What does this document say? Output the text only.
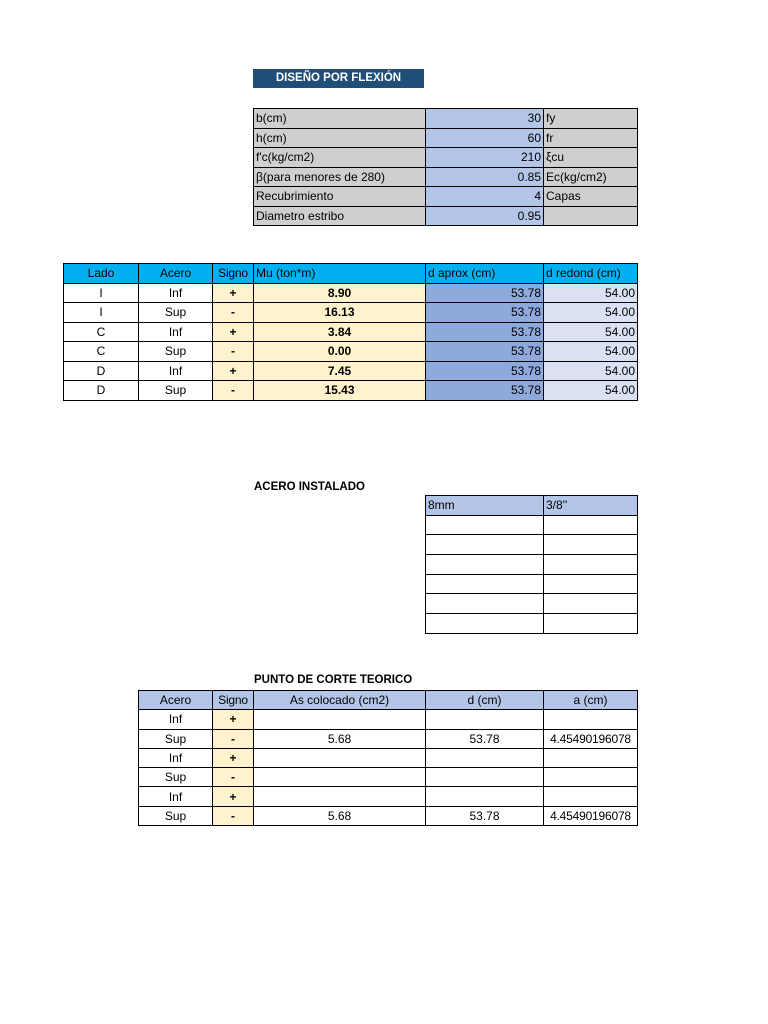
DISEÑO POR FLEXIÓN
b(cm)	30	fy
h(cm)	60	fr
f'c(kg/cm2)	210	ξcu
β(para menores de 280)	0.85	Ec(kg/cm2)
Recubrimiento	4	Capas
Diametro estribo	0.95	
Lado	Acero	Signo	Mu (ton*m)	d aprox (cm)	d redond (cm)
I	Inf	+	8.90	53.78	54.00
I	Sup	-	16.13	53.78	54.00
C	Inf	+	3.84	53.78	54.00
C	Sup	-	0.00	53.78	54.00
D	Inf	+	7.45	53.78	54.00
D	Sup	-	15.43	53.78	54.00
ACERO INSTALADO
8mm	3/8''

PUNTO DE CORTE TEORICO
Acero	Signo	As colocado (cm2)	d (cm)	a (cm)
Inf	+			
Sup	-	5.68	53.78	4.45490196078
Inf	+			
Sup	-			
Inf	+			
Sup	-	5.68	53.78	4.45490196078
